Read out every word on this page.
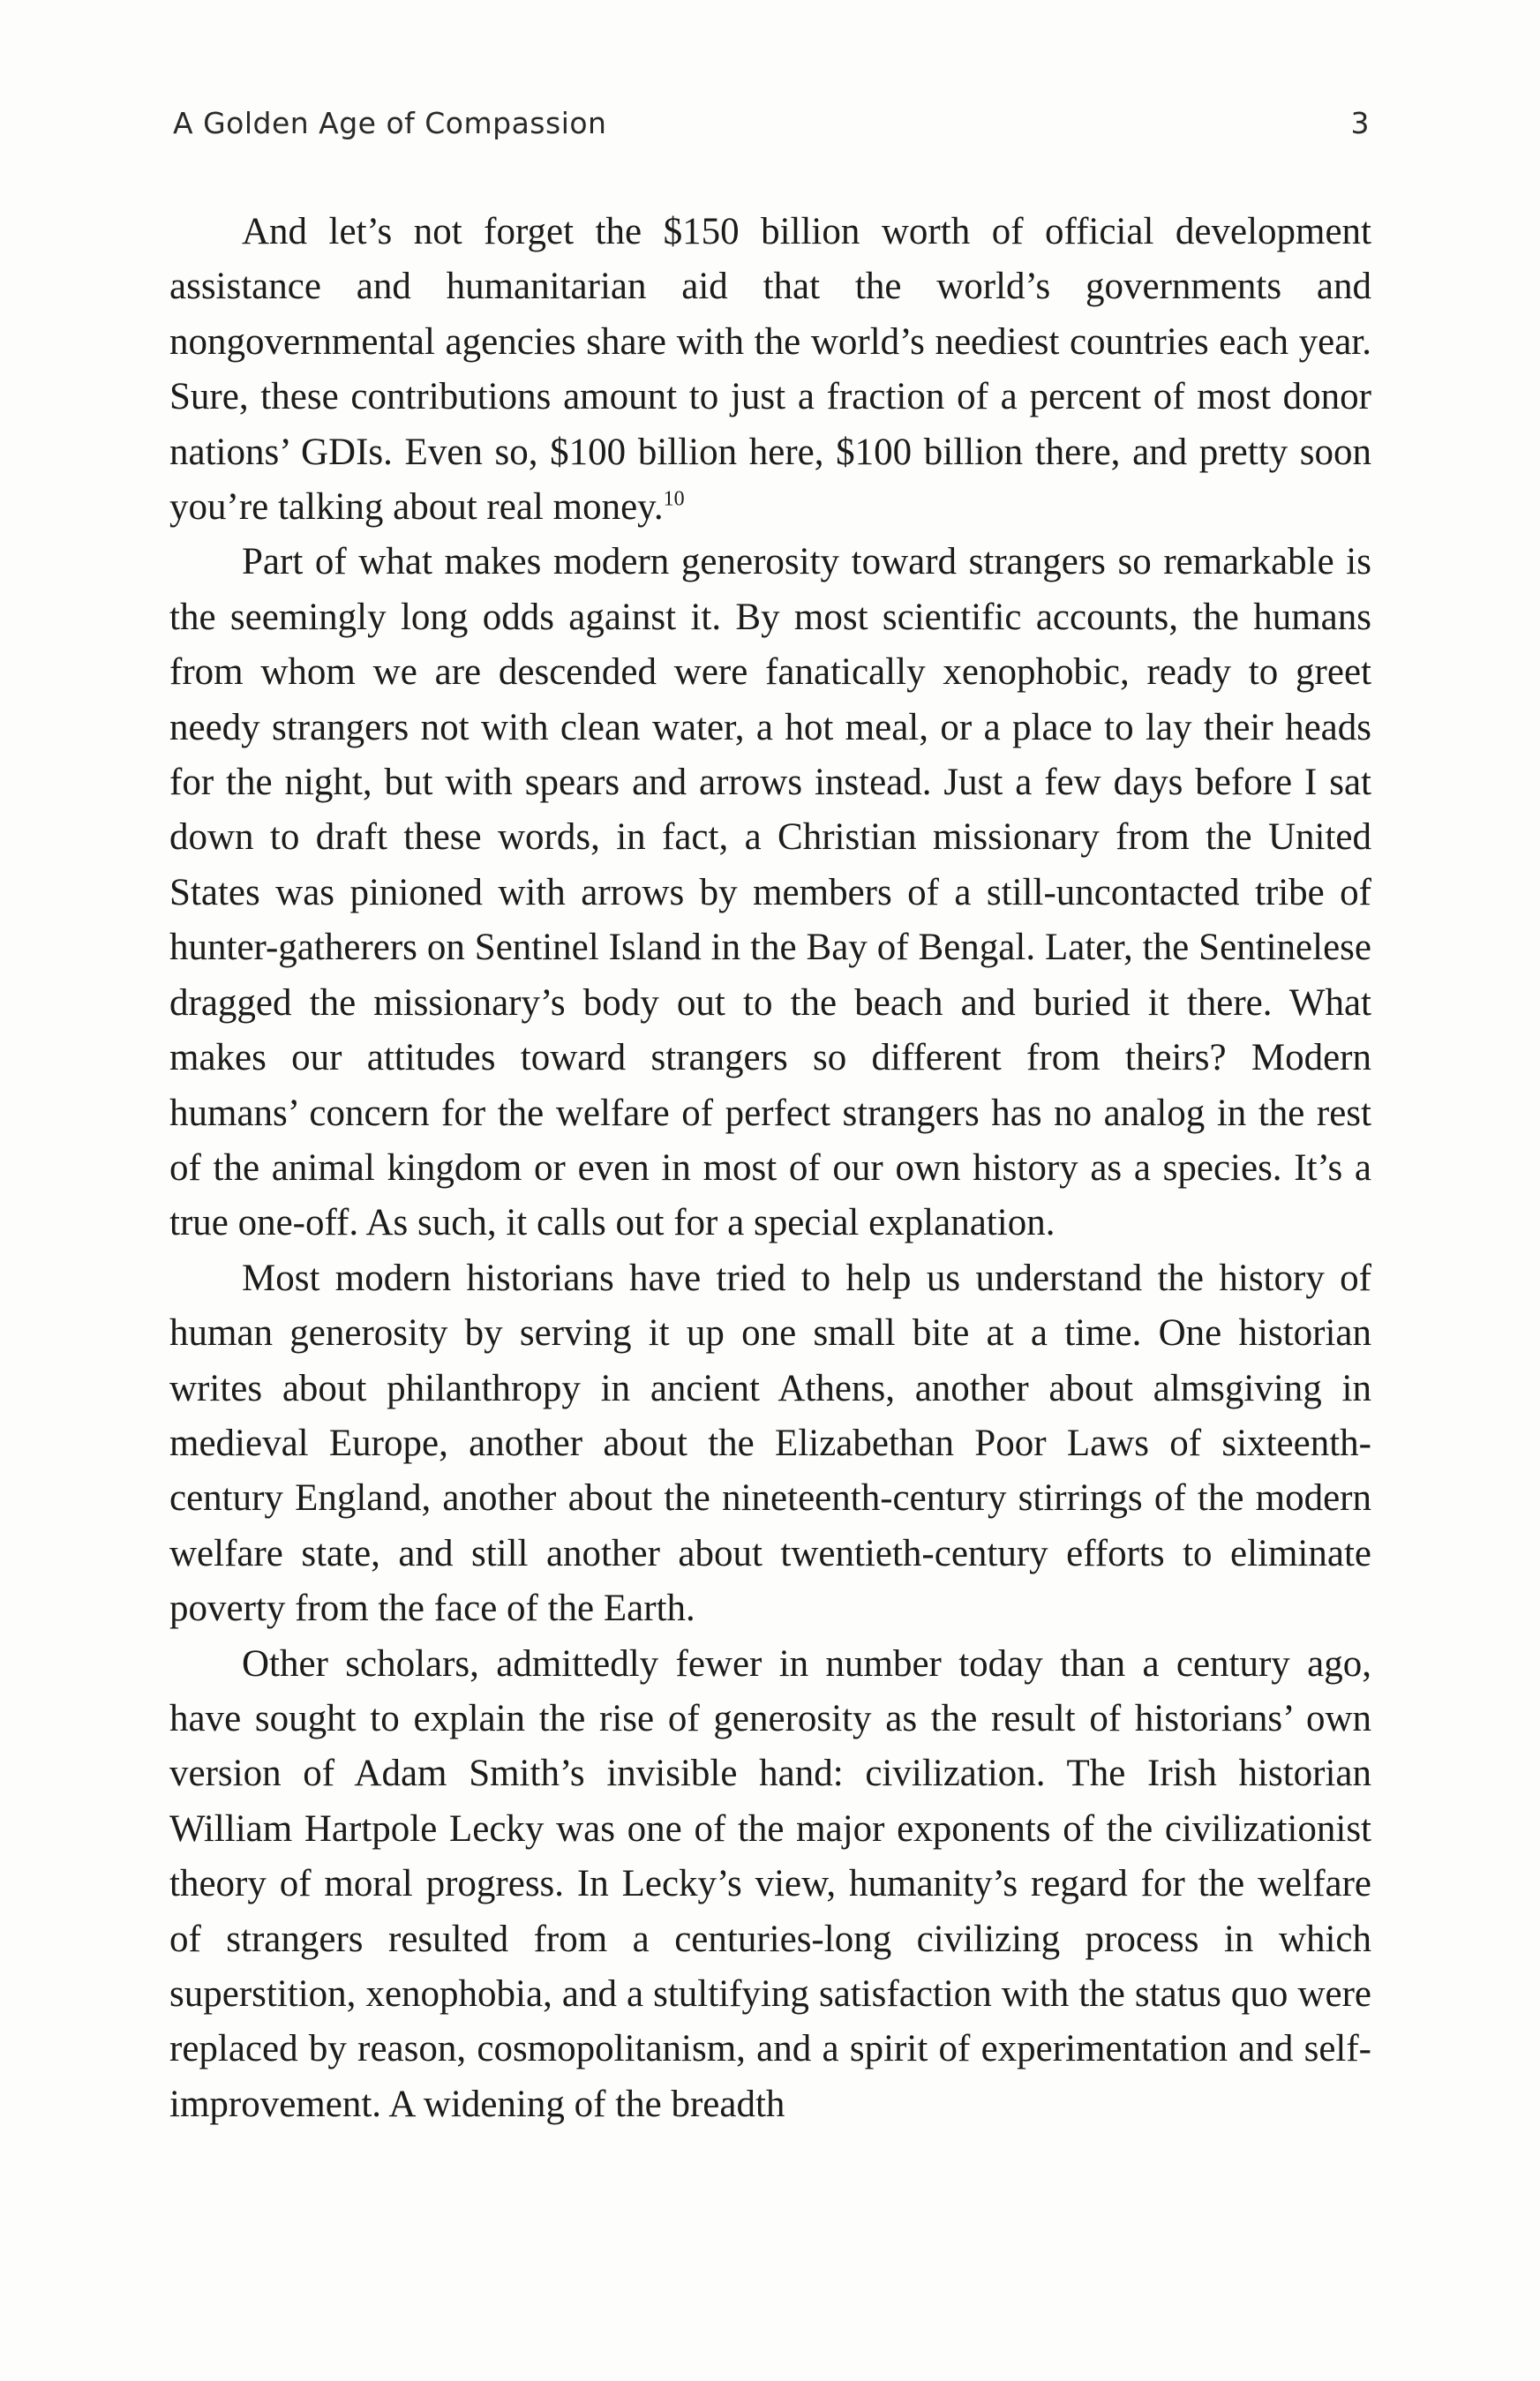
A Golden Age of Compassion	3

And let’s not forget the $150 billion worth of official development assistance and humanitarian aid that the world’s governments and nongovernmental agencies share with the world’s neediest countries each year. Sure, these contributions amount to just a fraction of a percent of most donor nations’ GDIs. Even so, $100 billion here, $100 billion there, and pretty soon you’re talking about real money.$^{10}$

Part of what makes modern generosity toward strangers so remarkable is the seemingly long odds against it. By most scientific accounts, the humans from whom we are descended were fanatically xenophobic, ready to greet needy strangers not with clean water, a hot meal, or a place to lay their heads for the night, but with spears and arrows instead. Just a few days before I sat down to draft these words, in fact, a Christian missionary from the United States was pinioned with arrows by members of a still-uncontacted tribe of hunter-gatherers on Sentinel Island in the Bay of Bengal. Later, the Sentinelese dragged the missionary’s body out to the beach and buried it there. What makes our attitudes toward strangers so different from theirs? Modern humans’ concern for the welfare of perfect strangers has no analog in the rest of the animal kingdom or even in most of our own history as a species. It’s a true one-off. As such, it calls out for a special explanation.

Most modern historians have tried to help us understand the history of human generosity by serving it up one small bite at a time. One historian writes about philanthropy in ancient Athens, another about almsgiving in medieval Europe, another about the Elizabethan Poor Laws of sixteenth-century England, another about the nineteenth-century stirrings of the modern welfare state, and still another about twentieth-century efforts to eliminate poverty from the face of the Earth.

Other scholars, admittedly fewer in number today than a century ago, have sought to explain the rise of generosity as the result of historians’ own version of Adam Smith’s invisible hand: civilization. The Irish historian William Hartpole Lecky was one of the major exponents of the civilizationist theory of moral progress. In Lecky’s view, humanity’s regard for the welfare of strangers resulted from a centuries-long civilizing process in which superstition, xenophobia, and a stultifying satisfaction with the status quo were replaced by reason, cosmopolitanism, and a spirit of experimentation and self-improvement. A widening of the breadth
